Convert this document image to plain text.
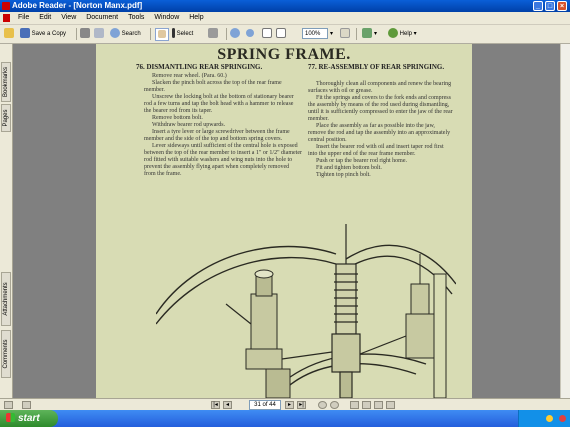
Adobe Reader - [Norton Manx.pdf]	_	□	×
File Edit View Document Tools Window Help
Save a Copy	Search	Select	100%	▾	▾	Help ▾
Bookmarks
Pages
Attachments
Comments
SPRING FRAME.
76. DISMANTLING REAR SPRINGING.

Remove rear wheel. (Para. 60.)

Slacken the pinch bolt across the top of the rear frame member.

Unscrew the locking bolt at the bottom of stationary bearer rod a few turns and tap the bolt head with a hammer to release the bearer rod from its taper.

Remove bottom bolt.

Withdraw bearer rod upwards.

Insert a tyre lever or large screwdriver between the frame member and the side of the top and bottom spring covers.

Lever sideways until sufficient of the central hole is exposed between the top of the rear member to insert a 1" or 1/2" diameter rod fitted with suitable washers and wing nuts into the hole to prevent the assembly flying apart when completely removed from the frame.

77. RE-ASSEMBLY OF REAR SPRINGING.

Thoroughly clean all components and renew the bearing surfaces with oil or grease.

Fit the springs and covers to the fork ends and compress the assembly by means of the rod used during dismantling, until it is sufficiently compressed to enter the jaw of the rear member.

Place the assembly as far as possible into the jaw, remove the rod and tap the assembly into an approximately central position.

Insert the bearer rod with oil and insert taper rod first into the upper end of the rear frame member.

Push or tap the bearer rod right home.

Fit and tighten bottom bolt.

Tighten top pinch bolt.

|◂	◂	31 of 44	▸	▸|
start
